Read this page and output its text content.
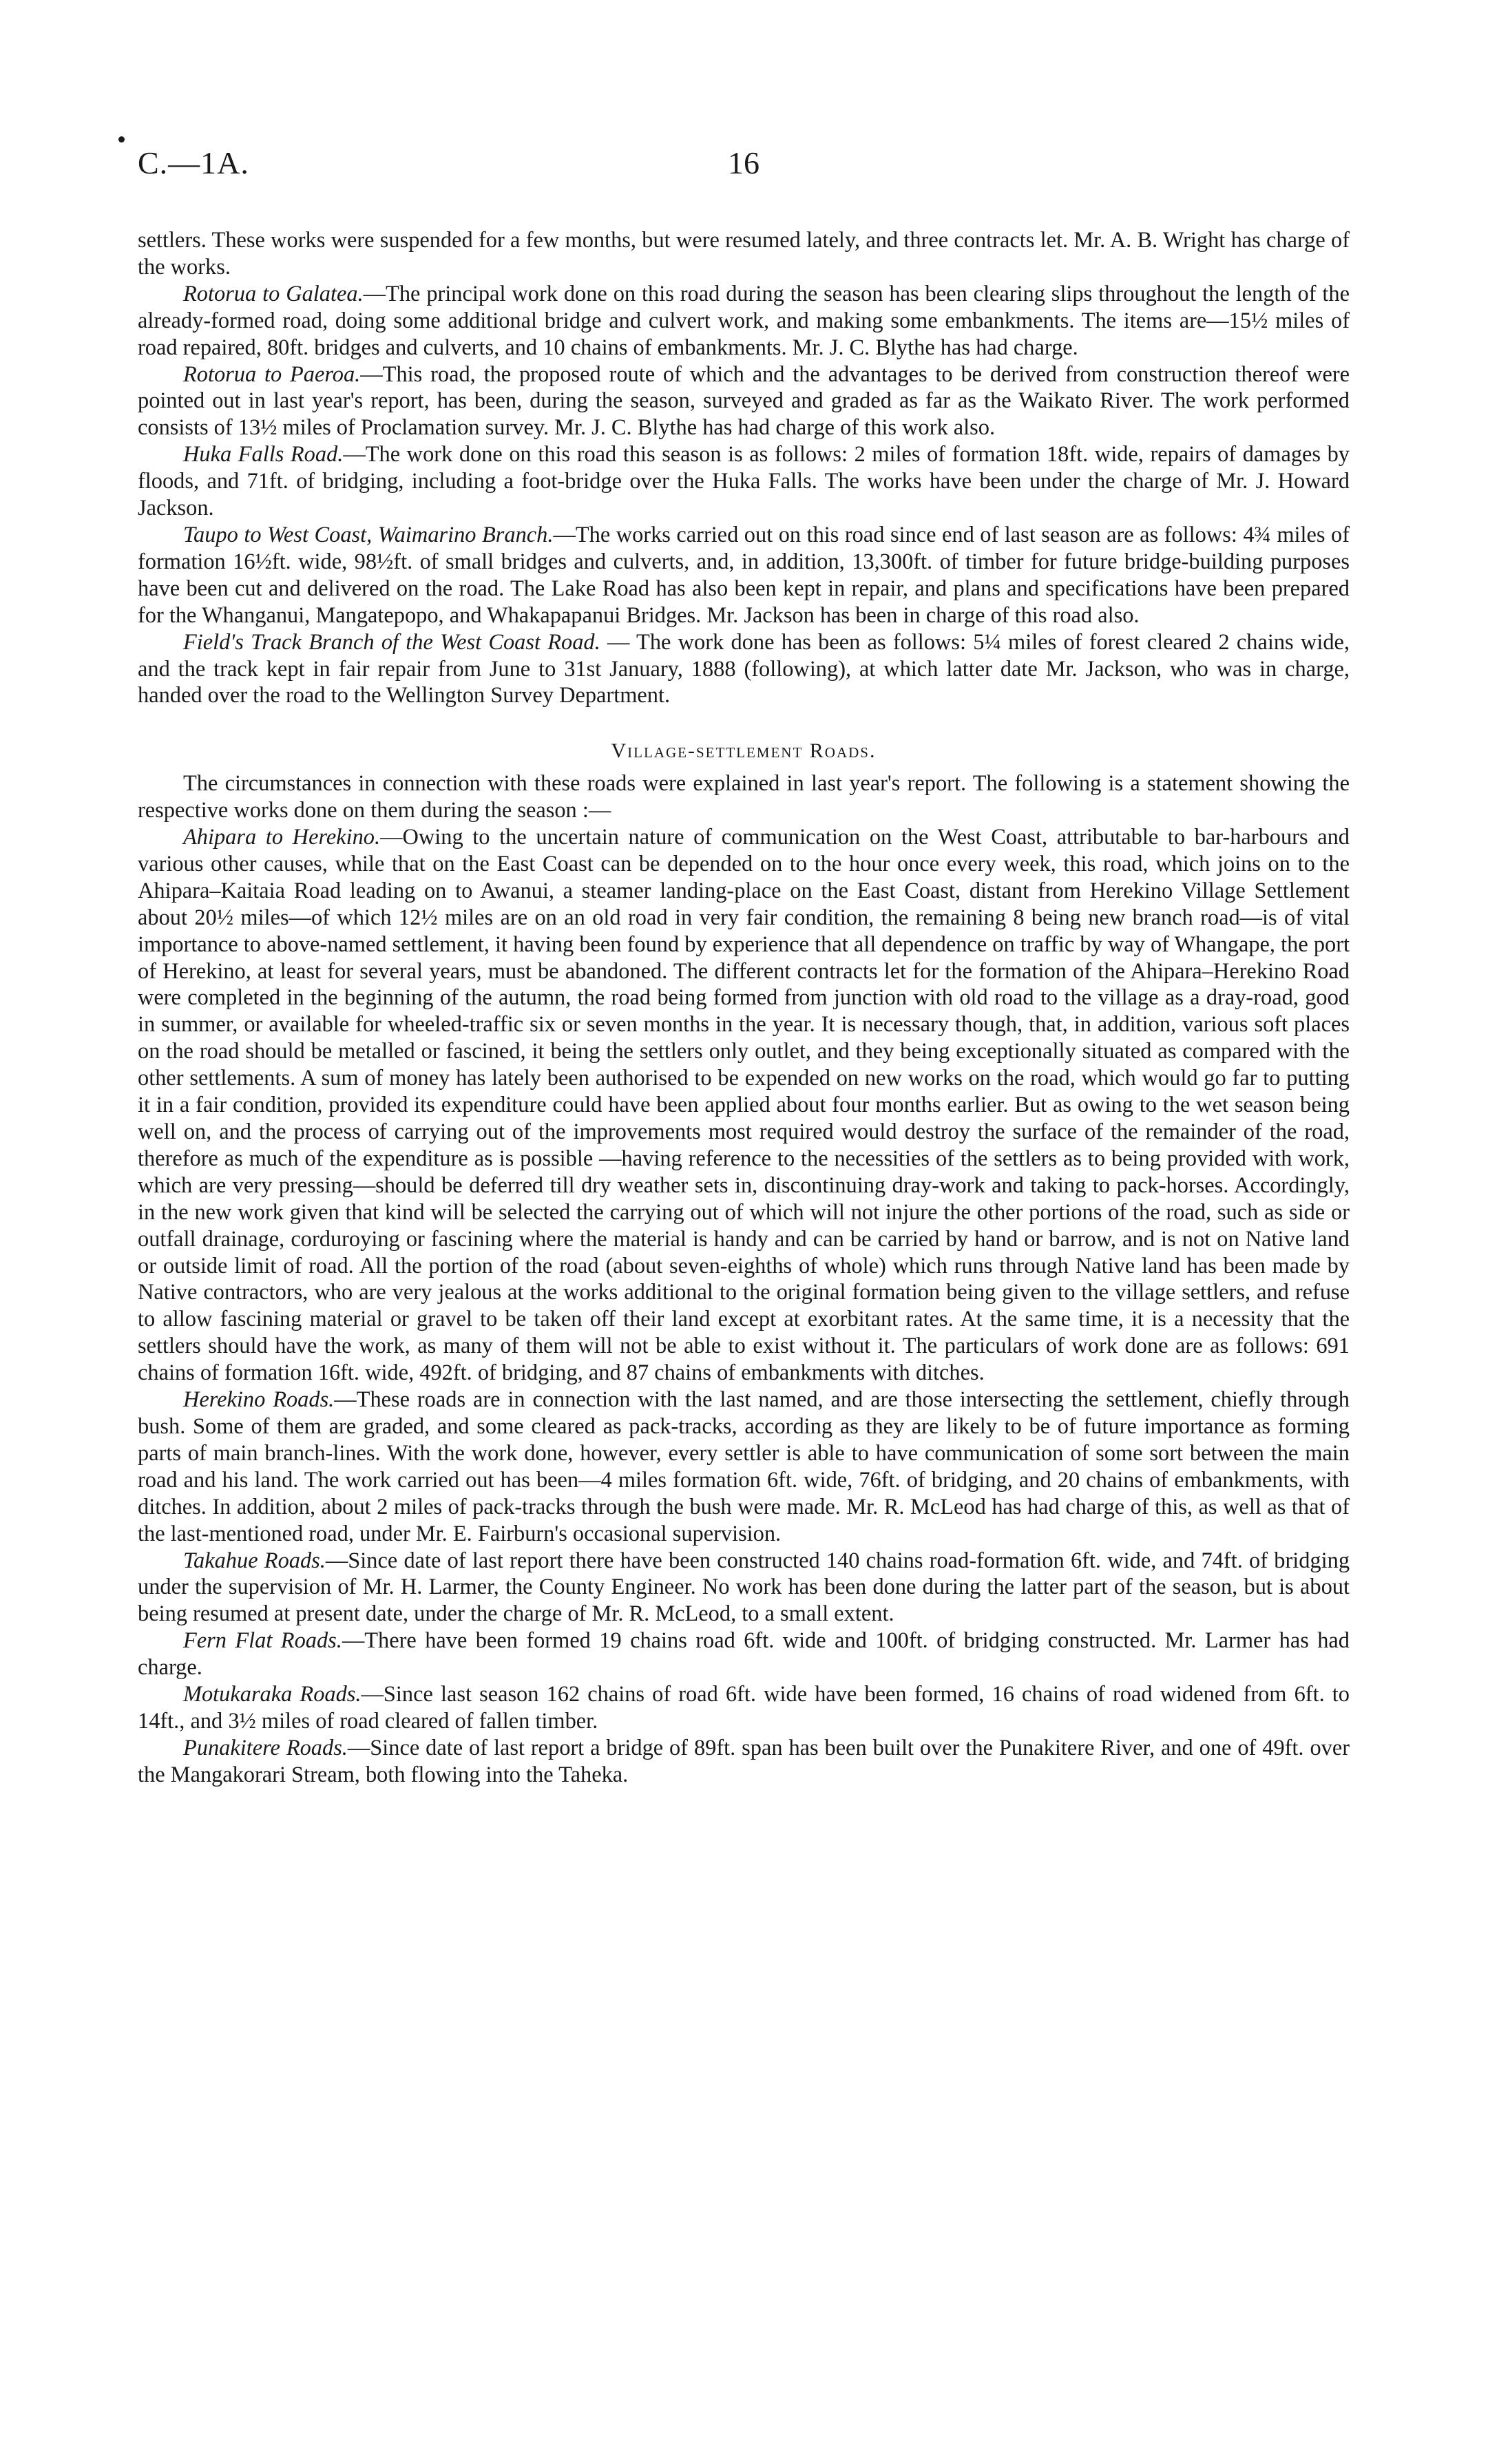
C.—1A.	16

settlers. These works were suspended for a few months, but were resumed lately, and three contracts let. Mr. A. B. Wright has charge of the works.

Rotorua to Galatea.—The principal work done on this road during the season has been clearing slips throughout the length of the already-formed road, doing some additional bridge and culvert work, and making some embankments. The items are—15½ miles of road repaired, 80ft. bridges and culverts, and 10 chains of embankments. Mr. J. C. Blythe has had charge.

Rotorua to Paeroa.—This road, the proposed route of which and the advantages to be derived from construction thereof were pointed out in last year's report, has been, during the season, surveyed and graded as far as the Waikato River. The work performed consists of 13½ miles of Proclamation survey. Mr. J. C. Blythe has had charge of this work also.

Huka Falls Road.—The work done on this road this season is as follows: 2 miles of formation 18ft. wide, repairs of damages by floods, and 71ft. of bridging, including a foot-bridge over the Huka Falls. The works have been under the charge of Mr. J. Howard Jackson.

Taupo to West Coast, Waimarino Branch.—The works carried out on this road since end of last season are as follows: 4¾ miles of formation 16½ft. wide, 98½ft. of small bridges and culverts, and, in addition, 13,300ft. of timber for future bridge-building purposes have been cut and delivered on the road. The Lake Road has also been kept in repair, and plans and specifications have been prepared for the Whanganui, Mangatepopo, and Whakapapanui Bridges. Mr. Jackson has been in charge of this road also.

Field's Track Branch of the West Coast Road. — The work done has been as follows: 5¼ miles of forest cleared 2 chains wide, and the track kept in fair repair from June to 31st January, 1888 (following), at which latter date Mr. Jackson, who was in charge, handed over the road to the Wellington Survey Department.

Village-settlement Roads.

The circumstances in connection with these roads were explained in last year's report. The following is a statement showing the respective works done on them during the season :—

Ahipara to Herekino.—Owing to the uncertain nature of communication on the West Coast, attributable to bar-harbours and various other causes, while that on the East Coast can be depended on to the hour once every week, this road, which joins on to the Ahipara–Kaitaia Road leading on to Awanui, a steamer landing-place on the East Coast, distant from Herekino Village Settlement about 20½ miles—of which 12½ miles are on an old road in very fair condition, the remaining 8 being new branch road—is of vital importance to above-named settlement, it having been found by experience that all dependence on traffic by way of Whangape, the port of Herekino, at least for several years, must be abandoned. The different contracts let for the formation of the Ahipara–Herekino Road were completed in the beginning of the autumn, the road being formed from junction with old road to the village as a dray-road, good in summer, or available for wheeled-traffic six or seven months in the year. It is necessary though, that, in addition, various soft places on the road should be metalled or fascined, it being the settlers only outlet, and they being exceptionally situated as compared with the other settlements. A sum of money has lately been authorised to be expended on new works on the road, which would go far to putting it in a fair condition, provided its expenditure could have been applied about four months earlier. But as owing to the wet season being well on, and the process of carrying out of the improvements most required would destroy the surface of the remainder of the road, therefore as much of the expenditure as is possible —having reference to the necessities of the settlers as to being provided with work, which are very pressing—should be deferred till dry weather sets in, discontinuing dray-work and taking to pack-horses. Accordingly, in the new work given that kind will be selected the carrying out of which will not injure the other portions of the road, such as side or outfall drainage, corduroying or fascining where the material is handy and can be carried by hand or barrow, and is not on Native land or outside limit of road. All the portion of the road (about seven-eighths of whole) which runs through Native land has been made by Native contractors, who are very jealous at the works additional to the original formation being given to the village settlers, and refuse to allow fascining material or gravel to be taken off their land except at exorbitant rates. At the same time, it is a necessity that the settlers should have the work, as many of them will not be able to exist without it. The particulars of work done are as follows: 691 chains of formation 16ft. wide, 492ft. of bridging, and 87 chains of embankments with ditches.

Herekino Roads.—These roads are in connection with the last named, and are those intersecting the settlement, chiefly through bush. Some of them are graded, and some cleared as pack-tracks, according as they are likely to be of future importance as forming parts of main branch-lines. With the work done, however, every settler is able to have communication of some sort between the main road and his land. The work carried out has been—4 miles formation 6ft. wide, 76ft. of bridging, and 20 chains of embankments, with ditches. In addition, about 2 miles of pack-tracks through the bush were made. Mr. R. McLeod has had charge of this, as well as that of the last-mentioned road, under Mr. E. Fairburn's occasional supervision.

Takahue Roads.—Since date of last report there have been constructed 140 chains road-formation 6ft. wide, and 74ft. of bridging under the supervision of Mr. H. Larmer, the County Engineer. No work has been done during the latter part of the season, but is about being resumed at present date, under the charge of Mr. R. McLeod, to a small extent.

Fern Flat Roads.—There have been formed 19 chains road 6ft. wide and 100ft. of bridging constructed. Mr. Larmer has had charge.

Motukaraka Roads.—Since last season 162 chains of road 6ft. wide have been formed, 16 chains of road widened from 6ft. to 14ft., and 3½ miles of road cleared of fallen timber.

Punakitere Roads.—Since date of last report a bridge of 89ft. span has been built over the Punakitere River, and one of 49ft. over the Mangakorari Stream, both flowing into the Taheka.
